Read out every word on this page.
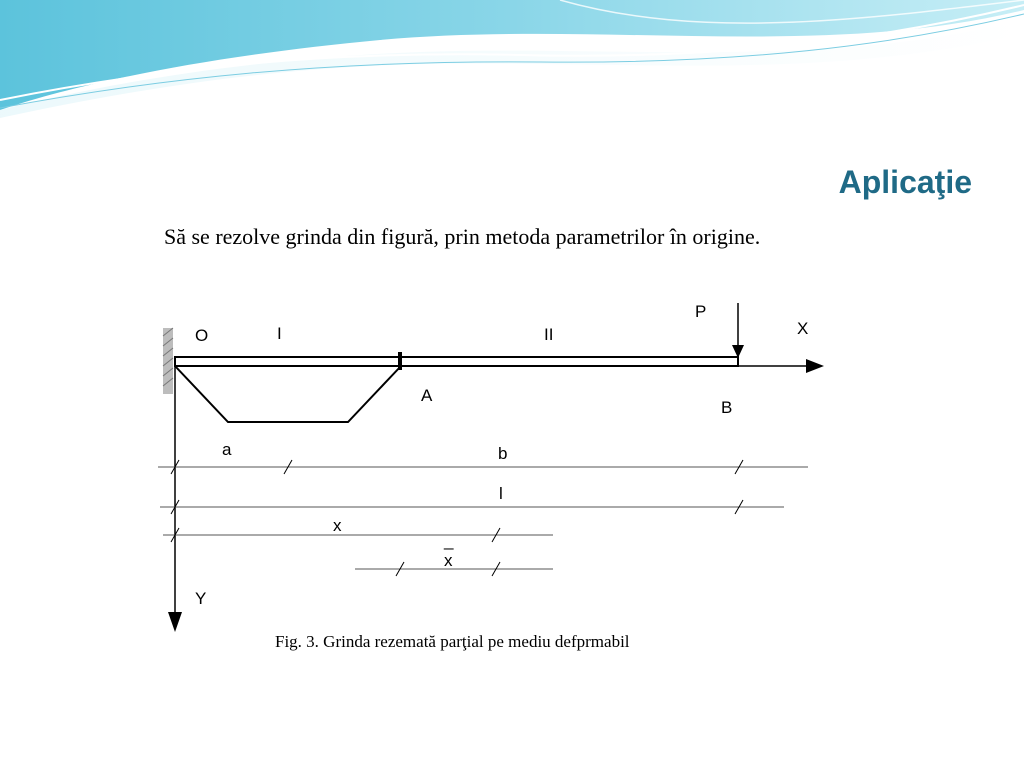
Aplicaţie
Să se rezolve grinda din figură, prin metoda parametrilor în origine.
O	I	II
P
X
Y
A
B
a	b
l
x
_
x
Fig. 3. Grinda rezemată parţial pe mediu defprmabil
